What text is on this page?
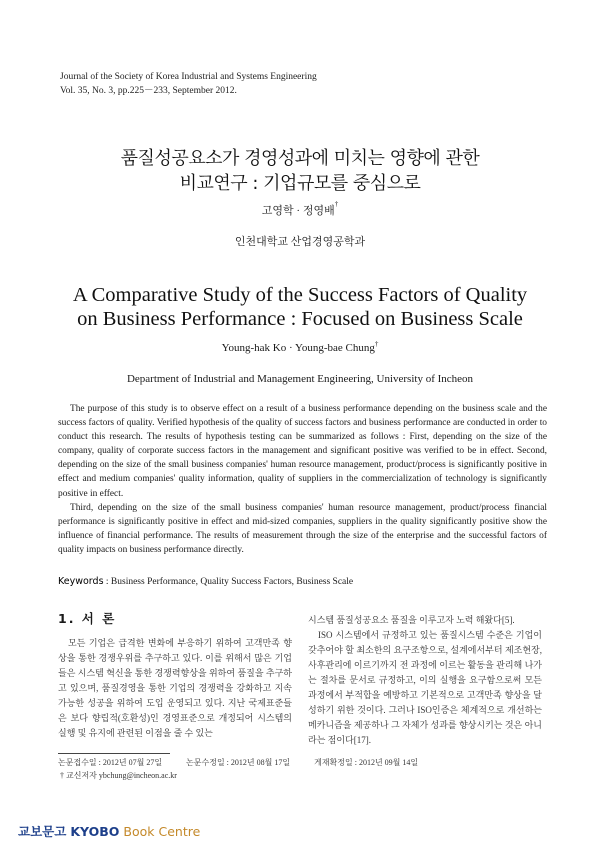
Journal of the Society of Korea Industrial and Systems Engineering
Vol. 35, No. 3, pp.225－233, September 2012.
품질성공요소가 경영성과에 미치는 영향에 관한
비교연구 : 기업규모를 중심으로
고영학 · 정영배†
인천대학교 산업경영공학과
A Comparative Study of the Success Factors of Quality
on Business Performance : Focused on Business Scale
Young-hak Ko · Young-bae Chung†
Department of Industrial and Management Engineering, University of Incheon

The purpose of this study is to observe effect on a result of a business performance depending on the business scale and the success factors of quality. Verified hypothesis of the quality of success factors and business performance are conducted in order to conduct this research. The results of hypothesis testing can be summarized as follows : First, depending on the size of the company, quality of corporate success factors in the management and significant positive was verified to be in effect. Second, depending on the size of the small business companies' human resource management, product/process is significantly positive in effect and medium companies' quality information, quality of suppliers in the commercialization of technology is significantly positive in effect.

Third, depending on the size of the small business companies' human resource management, product/process financial performance is significantly positive in effect and mid-sized companies, suppliers in the quality significantly positive show the influence of financial performance. The results of measurement through the size of the enterprise and the successful factors of quality impacts on business performance directly.

Keywords : Business Performance, Quality Success Factors, Business Scale
1. 서 론

모든 기업은 급격한 변화에 부응하기 위하여 고객만족 향상을 통한 경쟁우위를 추구하고 있다. 이를 위해서 많은 기업들은 시스템 혁신을 통한 경쟁력향상을 위하여 품질을 추구하고 있으며, 품질경영을 통한 기업의 경쟁력을 강화하고 지속가능한 성공을 위하여 도입 운영되고 있다. 지난 국제표준들은 보다 향립적(호환성)인 경영표준으로 개정되어 시스템의 실행 및 유지에 관련된 이점을 줄 수 있는

시스템 품질성공요소 품질을 이루고자 노력 해왔다[5].

ISO 시스템에서 규정하고 있는 품질시스템 수준은 기업이 갖추어야 할 최소한의 요구조항으로, 설계에서부터 제조현장, 사후관리에 이르기까지 전 과정에 이르는 활동을 관리해 나가는 절차를 문서로 규정하고, 이의 실행을 요구함으로써 모든 과정에서 부적합을 예방하고 기본적으로 고객만족 향상을 달성하기 위한 것이다. 그러나 ISO인증은 체계적으로 개선하는 메카니즘을 제공하나 그 자체가 성과를 향상시키는 것은 아니라는 점이다[17].

논문접수일 : 2012년 07월 27일	논문수정일 : 2012년 08월 17일	게재확정일 : 2012년 09월 14일
† 교신저자 ybchung@incheon.ac.kr
교보문고 KYOBO Book Centre
